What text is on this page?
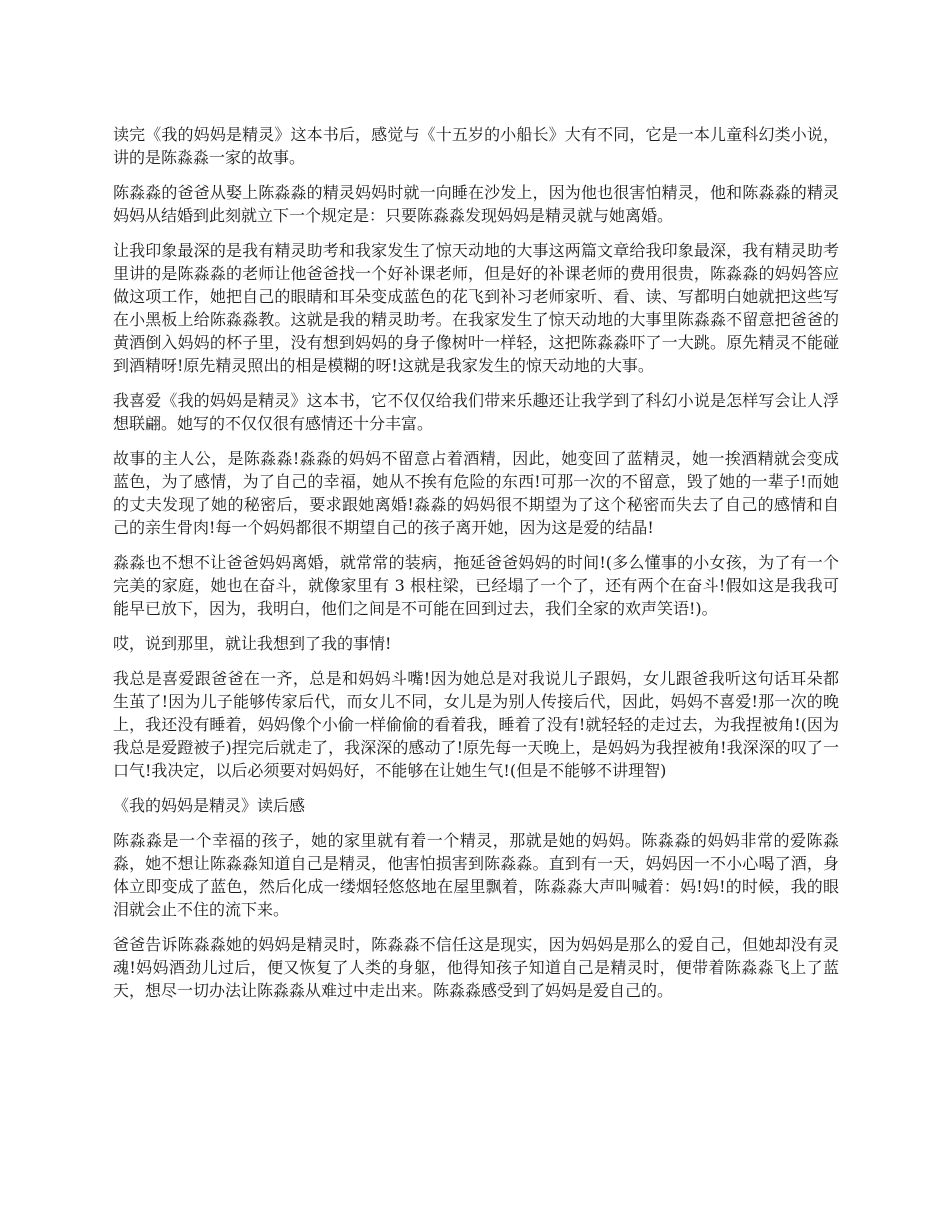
读完《我的妈妈是精灵》这本书后，感觉与《十五岁的小船长》大有不同，它是一本儿童科幻类小说，讲的是陈淼淼一家的故事。

陈淼淼的爸爸从娶上陈淼淼的精灵妈妈时就一向睡在沙发上，因为他也很害怕精灵，他和陈淼淼的精灵妈妈从结婚到此刻就立下一个规定是：只要陈淼淼发现妈妈是精灵就与她离婚。

让我印象最深的是我有精灵助考和我家发生了惊天动地的大事这两篇文章给我印象最深，我有精灵助考里讲的是陈淼淼的老师让他爸爸找一个好补课老师，但是好的补课老师的费用很贵，陈淼淼的妈妈答应做这项工作，她把自己的眼睛和耳朵变成蓝色的花飞到补习老师家听、看、读、写都明白她就把这些写在小黑板上给陈淼淼教。这就是我的精灵助考。在我家发生了惊天动地的大事里陈淼淼不留意把爸爸的黄酒倒入妈妈的杯子里，没有想到妈妈的身子像树叶一样轻，这把陈淼淼吓了一大跳。原先精灵不能碰到酒精呀!原先精灵照出的相是模糊的呀!这就是我家发生的惊天动地的大事。

我喜爱《我的妈妈是精灵》这本书，它不仅仅给我们带来乐趣还让我学到了科幻小说是怎样写会让人浮想联翩。她写的不仅仅很有感情还十分丰富。

故事的主人公，是陈淼淼!淼淼的妈妈不留意占着酒精，因此，她变回了蓝精灵，她一挨酒精就会变成蓝色，为了感情，为了自己的幸福，她从不挨有危险的东西!可那一次的不留意，毁了她的一辈子!而她的丈夫发现了她的秘密后，要求跟她离婚!淼淼的妈妈很不期望为了这个秘密而失去了自己的感情和自己的亲生骨肉!每一个妈妈都很不期望自己的孩子离开她，因为这是爱的结晶!

淼淼也不想不让爸爸妈妈离婚，就常常的装病，拖延爸爸妈妈的时间!(多么懂事的小女孩，为了有一个完美的家庭，她也在奋斗，就像家里有 3 根柱梁，已经塌了一个了，还有两个在奋斗!假如这是我我可能早已放下，因为，我明白，他们之间是不可能在回到过去，我们全家的欢声笑语!)。

哎，说到那里，就让我想到了我的事情!

我总是喜爱跟爸爸在一齐，总是和妈妈斗嘴!因为她总是对我说儿子跟妈，女儿跟爸我听这句话耳朵都生茧了!因为儿子能够传家后代，而女儿不同，女儿是为别人传接后代，因此，妈妈不喜爱!那一次的晚上，我还没有睡着，妈妈像个小偷一样偷偷的看着我，睡着了没有!就轻轻的走过去，为我捏被角!(因为我总是爱蹬被子)捏完后就走了，我深深的感动了!原先每一天晚上，是妈妈为我捏被角!我深深的叹了一口气!我决定，以后必须要对妈妈好，不能够在让她生气!(但是不能够不讲理智)

《我的妈妈是精灵》读后感

陈淼淼是一个幸福的孩子，她的家里就有着一个精灵，那就是她的妈妈。陈淼淼的妈妈非常的爱陈淼淼，她不想让陈淼淼知道自己是精灵，他害怕损害到陈淼淼。直到有一天，妈妈因一不小心喝了酒，身体立即变成了蓝色，然后化成一缕烟轻悠悠地在屋里飘着，陈淼淼大声叫喊着：妈!妈!的时候，我的眼泪就会止不住的流下来。

爸爸告诉陈淼淼她的妈妈是精灵时，陈淼淼不信任这是现实，因为妈妈是那么的爱自己，但她却没有灵魂!妈妈酒劲儿过后，便又恢复了人类的身躯，他得知孩子知道自己是精灵时，便带着陈淼淼飞上了蓝天，想尽一切办法让陈淼淼从难过中走出来。陈淼淼感受到了妈妈是爱自己的。
